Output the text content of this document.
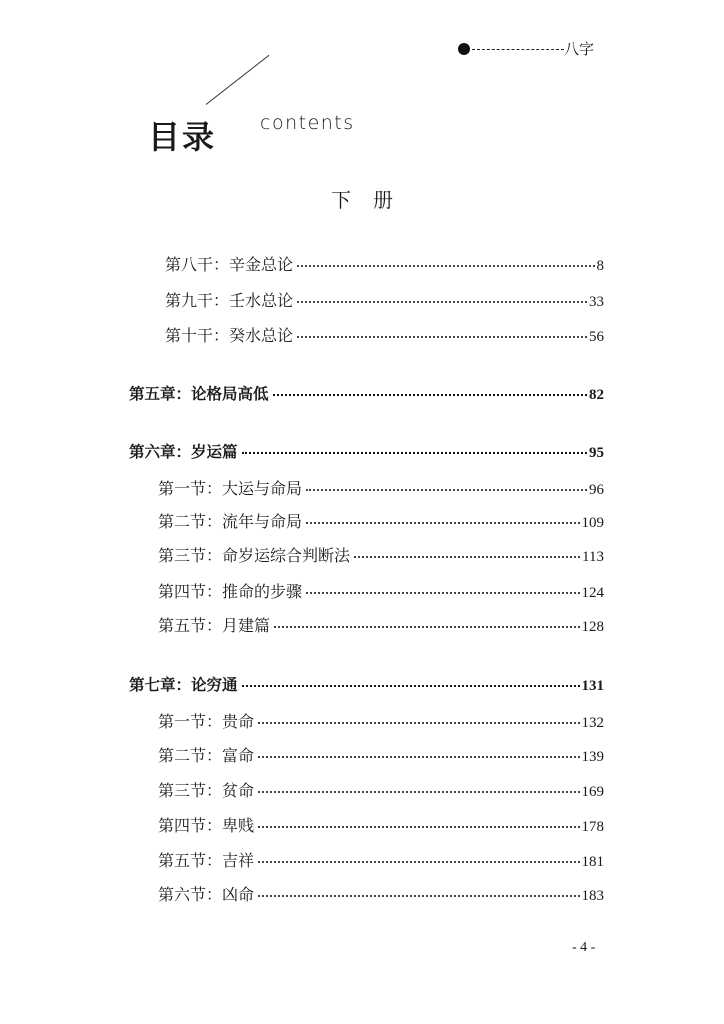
八字
目录 contents
下册
第八干：辛金总论	8
第九干：壬水总论	33
第十干：癸水总论	56
第五章：论格局高低	82
第六章：岁运篇	95
第一节：大运与命局	96
第二节：流年与命局	109
第三节：命岁运综合判断法	113
第四节：推命的步骤	124
第五节：月建篇	128
第七章：论穷通	131
第一节：贵命	132
第二节：富命	139
第三节：贫命	169
第四节：卑贱	178
第五节：吉祥	181
第六节：凶命	183
- 4 -
